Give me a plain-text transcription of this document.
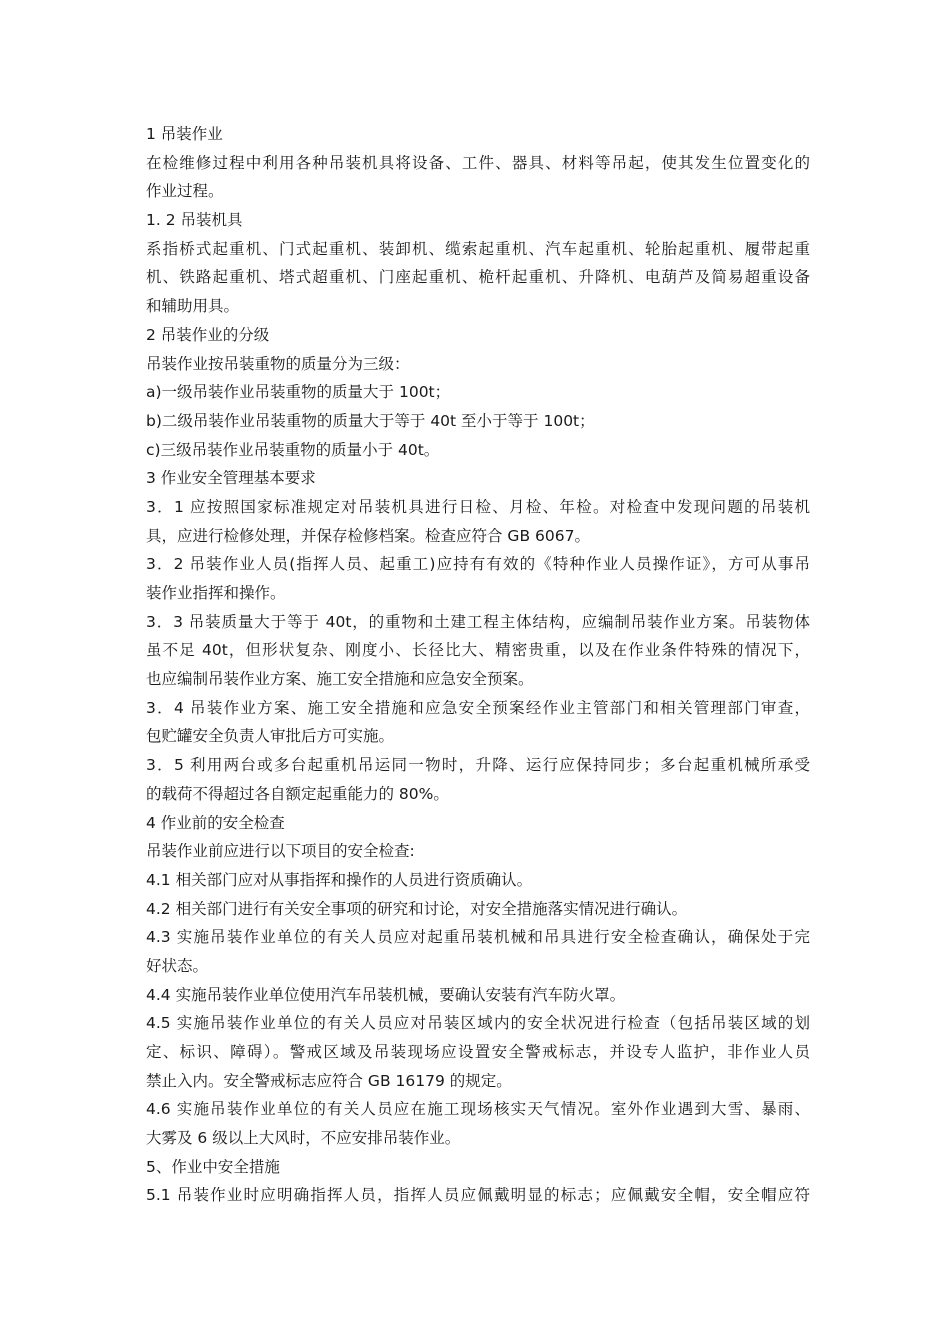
1 吊装作业
在检维修过程中利用各种吊装机具将设备、工件、器具、材料等吊起，使其发生位置变化的
作业过程。
1. 2 吊装机具
系指桥式起重机、门式起重机、装卸机、缆索起重机、汽车起重机、轮胎起重机、履带起重
机、铁路起重机、塔式超重机、门座起重机、桅杆起重机、升降机、电葫芦及简易超重设备
和辅助用具。
2 吊装作业的分级
吊装作业按吊装重物的质量分为三级：
a)一级吊装作业吊装重物的质量大于 100t；
b)二级吊装作业吊装重物的质量大于等于 40t 至小于等于 100t；
c)三级吊装作业吊装重物的质量小于 40t。
3 作业安全管理基本要求
3．1 应按照国家标准规定对吊装机具进行日检、月检、年检。对检查中发现问题的吊装机
具，应进行检修处理，并保存检修档案。检查应符合 GB 6067。
3．2 吊装作业人员(指挥人员、起重工)应持有有效的《特种作业人员操作证》，方可从事吊
装作业指挥和操作。
3．3 吊装质量大于等于 40t，的重物和土建工程主体结构，应编制吊装作业方案。吊装物体
虽不足 40t，但形状复杂、刚度小、长径比大、精密贵重，以及在作业条件特殊的情况下，
也应编制吊装作业方案、施工安全措施和应急安全预案。
3．4 吊装作业方案、施工安全措施和应急安全预案经作业主管部门和相关管理部门审查，
包贮罐安全负责人审批后方可实施。
3．5 利用两台或多台起重机吊运同一物时，升降、运行应保持同步；多台起重机械所承受
的载荷不得超过各自额定起重能力的 80%。
4 作业前的安全检查
吊装作业前应进行以下项目的安全检查:
4.1 相关部门应对从事指挥和操作的人员进行资质确认。
4.2 相关部门进行有关安全事项的研究和讨论，对安全措施落实情况进行确认。
4.3 实施吊装作业单位的有关人员应对起重吊装机械和吊具进行安全检查确认，确保处于完
好状态。
4.4 实施吊装作业单位使用汽车吊装机械，要确认安装有汽车防火罩。
4.5 实施吊装作业单位的有关人员应对吊装区域内的安全状况进行检查（包括吊装区域的划
定、标识、障碍）。警戒区域及吊装现场应设置安全警戒标志，并设专人监护，非作业人员
禁止入内。安全警戒标志应符合 GB 16179 的规定。
4.6 实施吊装作业单位的有关人员应在施工现场核实天气情况。室外作业遇到大雪、暴雨、
大雾及 6 级以上大风时，不应安排吊装作业。
5、作业中安全措施
5.1 吊装作业时应明确指挥人员，指挥人员应佩戴明显的标志；应佩戴安全帽，安全帽应符
